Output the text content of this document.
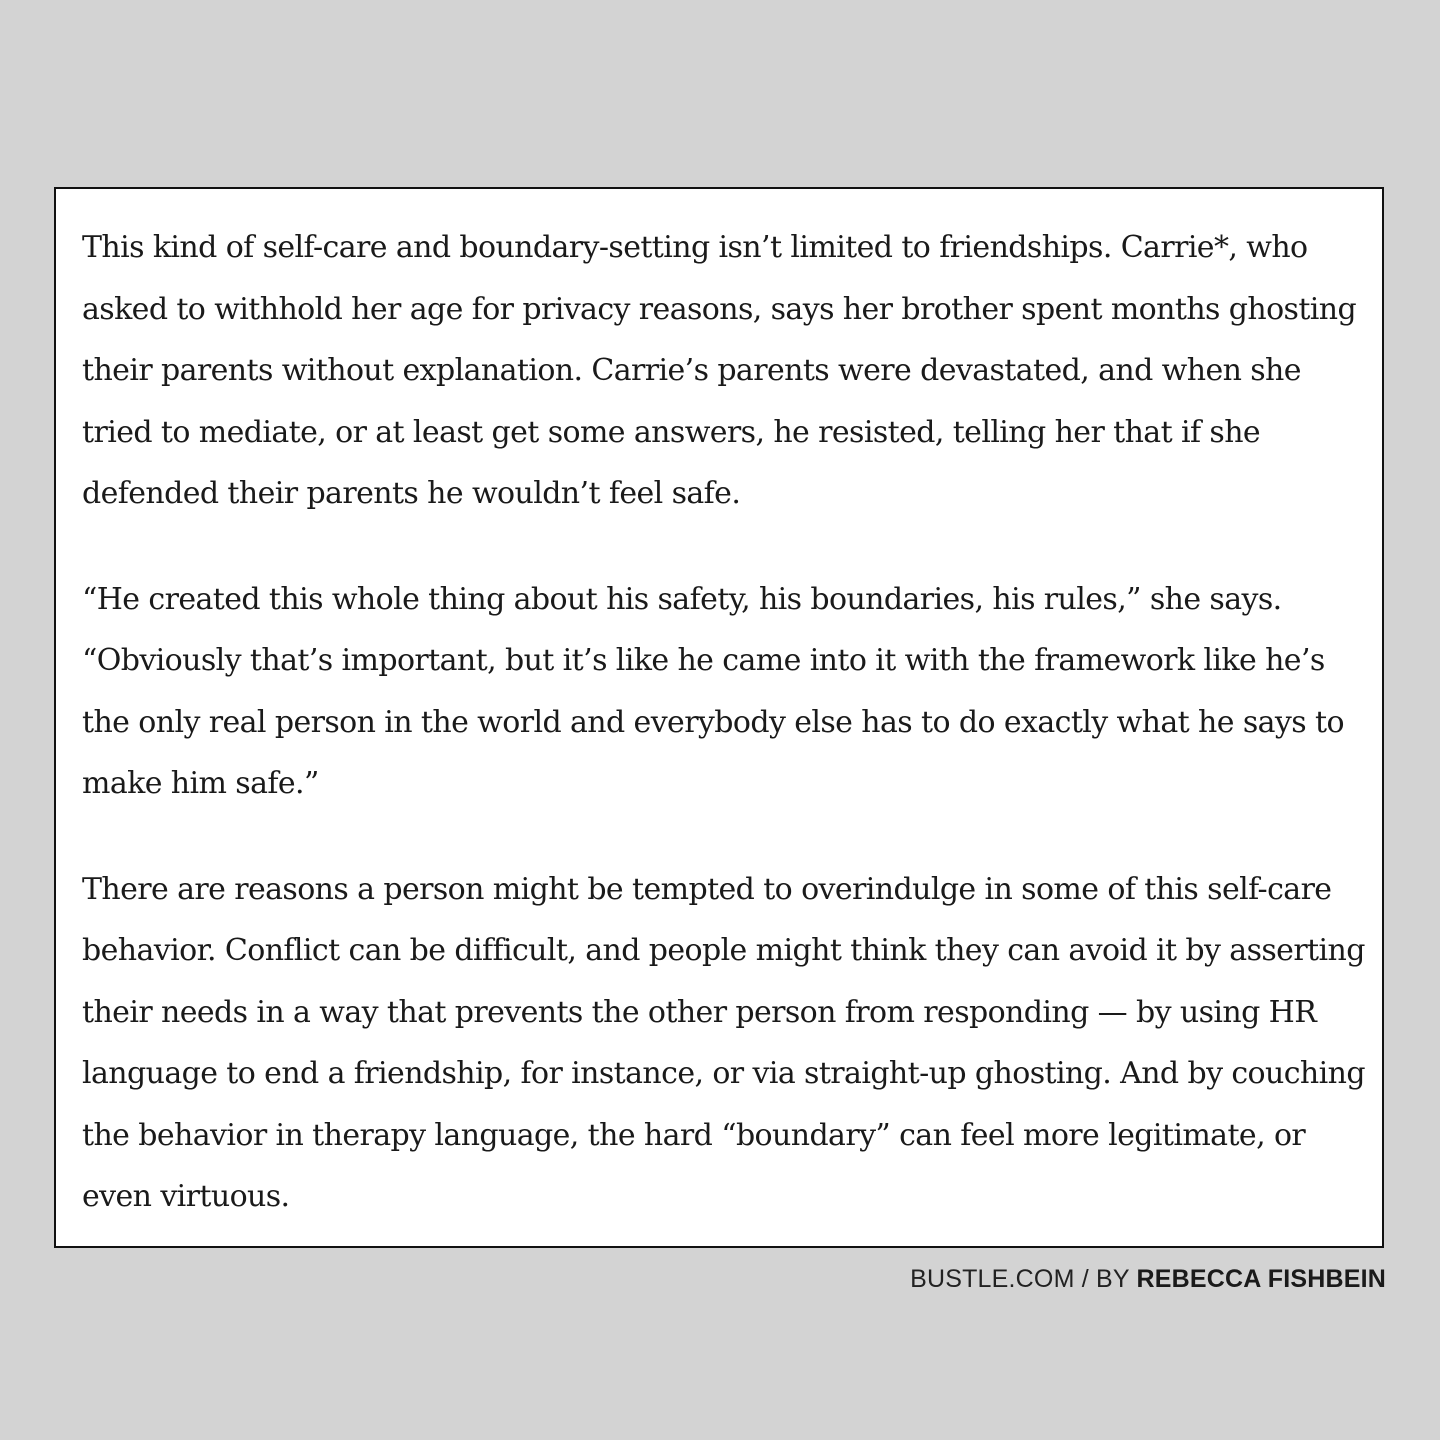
This kind of self-care and boundary-setting isn’t limited to friendships. Carrie*, who asked to withhold her age for privacy reasons, says her brother spent months ghosting their parents without explanation. Carrie’s parents were devastated, and when she tried to mediate, or at least get some answers, he resisted, telling her that if she defended their parents he wouldn’t feel safe.

“He created this whole thing about his safety, his boundaries, his rules,” she says. “Obviously that’s important, but it’s like he came into it with the framework like he’s the only real person in the world and everybody else has to do exactly what he says to make him safe.”

There are reasons a person might be tempted to overindulge in some of this self-care behavior. Conflict can be difficult, and people might think they can avoid it by asserting their needs in a way that prevents the other person from responding — by using HR language to end a friendship, for instance, or via straight-up ghosting. And by couching the behavior in therapy language, the hard “boundary” can feel more legitimate, or even virtuous.

BUSTLE.COM / BY REBECCA FISHBEIN
